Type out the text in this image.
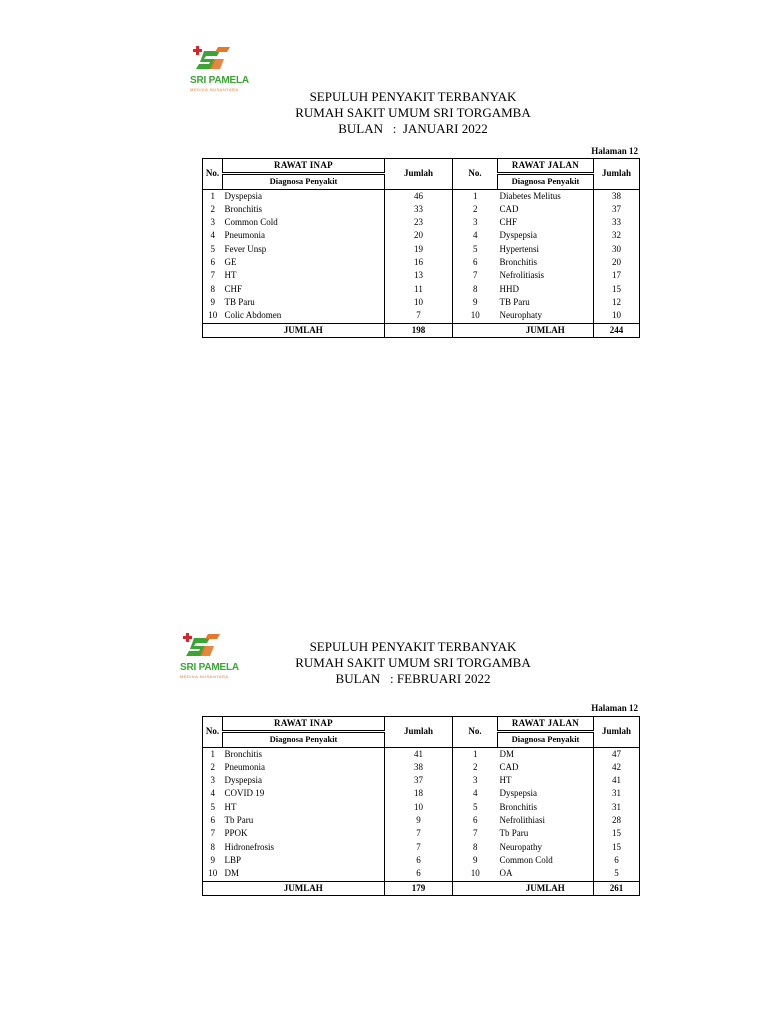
SRI PAMELA
MEDIKA NUSANTARA	SEPULUH PENYAKIT TERBANYAK
RUMAH SAKIT UMUM SRI TORGAMBA
BULAN   :  JANUARI 2022
Halaman 12
No.	RAWAT INAP	Jumlah	No.	RAWAT JALAN	Jumlah
	Diagnosa Penyakit			Diagnosa Penyakit	
1	Dyspepsia	46	1	Diabetes Melitus	38
2	Bronchitis	33	2	CAD	37
3	Common Cold	23	3	CHF	33
4	Pneumonia	20	4	Dyspepsia	32
5	Fever Unsp	19	5	Hypertensi	30
6	GE	16	6	Bronchitis	20
7	HT	13	7	Nefrolitiasis	17
8	CHF	11	8	HHD	15
9	TB Paru	10	9	TB Paru	12
10	Colic Abdomen	7	10	Neurophaty	10
	JUMLAH	198		JUMLAH	244
SRI PAMELA
MEDIKA NUSANTARA
SEPULUH PENYAKIT TERBANYAK
RUMAH SAKIT UMUM SRI TORGAMBA
BULAN   : FEBRUARI 2022
Halaman 12
No.	RAWAT INAP	Jumlah	No.	RAWAT JALAN	Jumlah
	Diagnosa Penyakit			Diagnosa Penyakit	
1	Bronchitis	41	1	DM	47
2	Pneumonia	38	2	CAD	42
3	Dyspepsia	37	3	HT	41
4	COVID 19	18	4	Dyspepsia	31
5	HT	10	5	Bronchitis	31
6	Tb Paru	9	6	Nefrolithiasi	28
7	PPOK	7	7	Tb Paru	15
8	Hidronefrosis	7	8	Neuropathy	15
9	LBP	6	9	Common Cold	6
10	DM	6	10	OA	5
	JUMLAH	179		JUMLAH	261
